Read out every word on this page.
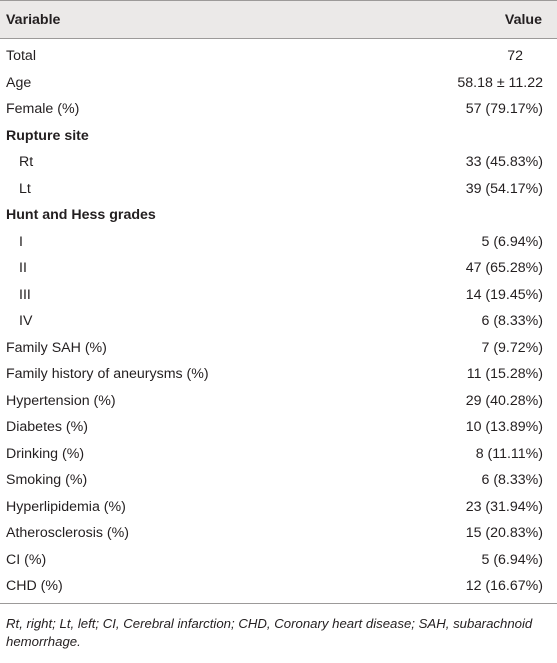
Variable	Value
Total	72
Age	58.18 ± 11.22
Female (%)	57 (79.17%)
Rupture site	
Rt	33 (45.83%)
Lt	39 (54.17%)
Hunt and Hess grades	
I	5 (6.94%)
II	47 (65.28%)
III	14 (19.45%)
IV	6 (8.33%)
Family SAH (%)	7 (9.72%)
Family history of aneurysms (%)	11 (15.28%)
Hypertension (%)	29 (40.28%)
Diabetes (%)	10 (13.89%)
Drinking (%)	8 (11.11%)
Smoking (%)	6 (8.33%)
Hyperlipidemia (%)	23 (31.94%)
Atherosclerosis (%)	15 (20.83%)
CI (%)	5 (6.94%)
CHD (%)	12 (16.67%)

Rt, right; Lt, left; CI, Cerebral infarction; CHD, Coronary heart disease; SAH, subarachnoid hemorrhage.
